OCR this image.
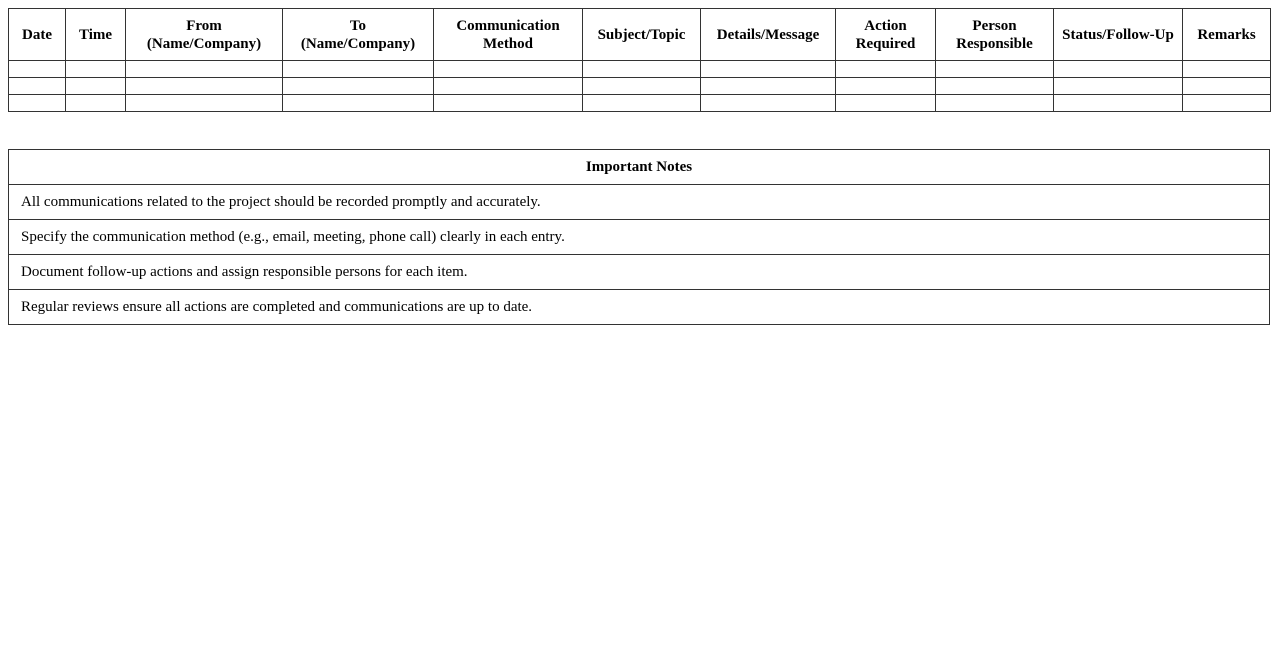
Date	Time	From (Name/Company)	To (Name/Company)	Communication Method	Subject/Topic	Details/Message	Action Required	Person Responsible	Status/Follow-Up	Remarks

Important Notes
All communications related to the project should be recorded promptly and accurately.
Specify the communication method (e.g., email, meeting, phone call) clearly in each entry.
Document follow-up actions and assign responsible persons for each item.
Regular reviews ensure all actions are completed and communications are up to date.
